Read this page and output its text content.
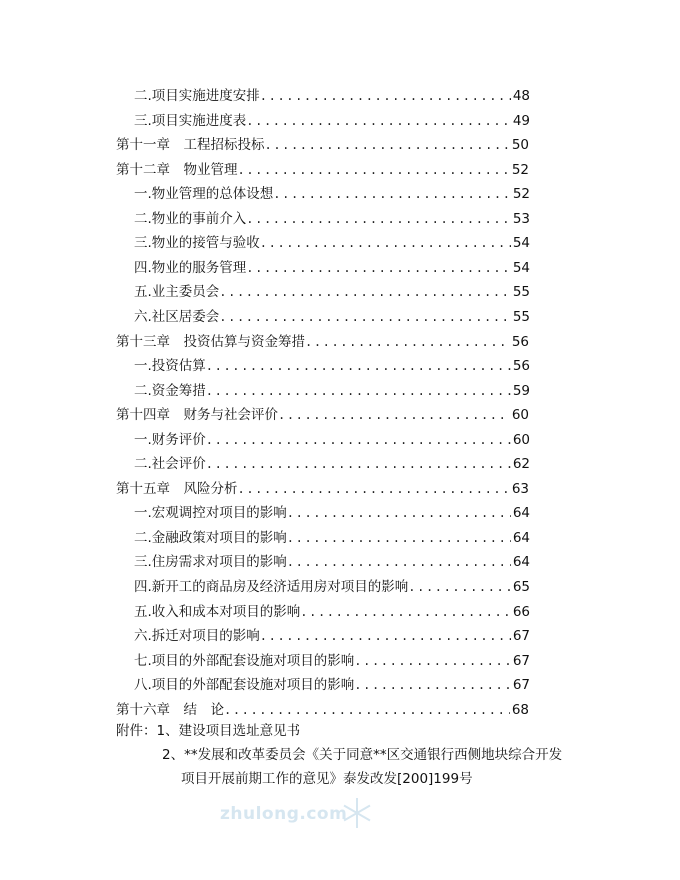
二.项目实施进度安排 .....	48
三.项目实施进度表 .....	49
第十一章　工程招标投标 .....	50
第十二章　物业管理 .....	52
一.物业管理的总体设想 .....	52
二.物业的事前介入 .....	53
三.物业的接管与验收 .....	54
四.物业的服务管理 .....	54
五.业主委员会 .....	55
六.社区居委会 .....	55
第十三章　投资估算与资金筹措 .....	56
一.投资估算 .....	56
二.资金筹措 .....	59
第十四章　财务与社会评价 .....	60
一.财务评价 .....	60
二.社会评价 .....	62
第十五章　风险分析 .....	63
一.宏观调控对项目的影响 .....	64
二.金融政策对项目的影响 .....	64
三.住房需求对项目的影响 .....	64
四.新开工的商品房及经济适用房对项目的影响 .....	65
五.收入和成本对项目的影响 .....	66
六.拆迁对项目的影响 .....	67
七.项目的外部配套设施对项目的影响 .....	67
八.项目的外部配套设施对项目的影响 .....	67
第十六章　结　论 .....	68
附件：1、建设项目选址意见书
2、**发展和改革委员会《关于同意**区交通银行西侧地块综合开发
项目开展前期工作的意见》泰发改发[200]199号
zhulong.com
